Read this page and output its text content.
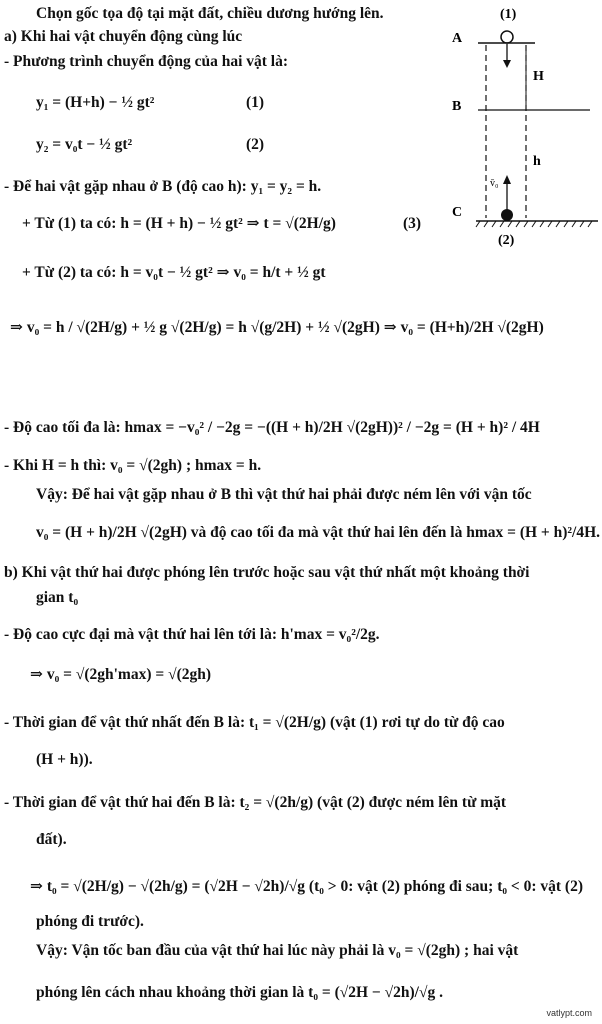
Chọn gốc tọa độ tại mặt đất, chiều dương hướng lên.
a) Khi hai vật chuyển động cùng lúc
- Phương trình chuyển động của hai vật là:
y₁ = (H+h) − ½ gt²	(1)
y₂ = v₀t − ½ gt²	(2)
- Để hai vật gặp nhau ở B (độ cao h): y₁ = y₂ = h.
+ Từ (1) ta có: h = (H + h) − ½ gt² ⇒ t = √(2H/g)	(3)
+ Từ (2) ta có: h = v₀t − ½ gt² ⇒ v₀ = h/t + ½ gt
⇒ v₀ = h / √(2H/g) + ½ g √(2H/g) = h √(g/2H) + ½ √(2gH) ⇒ v₀ = (H+h)/2H √(2gH)
- Độ cao tối đa là: hmax = −v₀² / −2g = −((H + h)/2H √(2gH))² / −2g = (H + h)² / 4H
- Khi H = h thì: v₀ = √(2gh) ; hmax = h.
Vậy: Để hai vật gặp nhau ở B thì vật thứ hai phải được ném lên với vận tốc
v₀ = (H + h)/2H √(2gH) và độ cao tối đa mà vật thứ hai lên đến là hmax = (H + h)²/4H.
b) Khi vật thứ hai được phóng lên trước hoặc sau vật thứ nhất một khoảng thời
gian t₀
- Độ cao cực đại mà vật thứ hai lên tới là: h'max = v₀²/2g.
⇒ v₀ = √(2gh'max) = √(2gh)
- Thời gian để vật thứ nhất đến B là: t₁ = √(2H/g) (vật (1) rơi tự do từ độ cao
(H + h)).
- Thời gian để vật thứ hai đến B là: t₂ = √(2h/g) (vật (2) được ném lên từ mặt
đất).
⇒ t₀ = √(2H/g) − √(2h/g) = (√2H − √2h)/√g (t₀ > 0: vật (2) phóng đi sau; t₀ < 0: vật (2)
phóng đi trước).
Vậy: Vận tốc ban đầu của vật thứ hai lúc này phải là v₀ = √(2gh) ; hai vật
phóng lên cách nhau khoảng thời gian là t₀ = (√2H − √2h)/√g .
(1)
A
B
H
h
v̄₀
C
(2)
vatlypt.com
